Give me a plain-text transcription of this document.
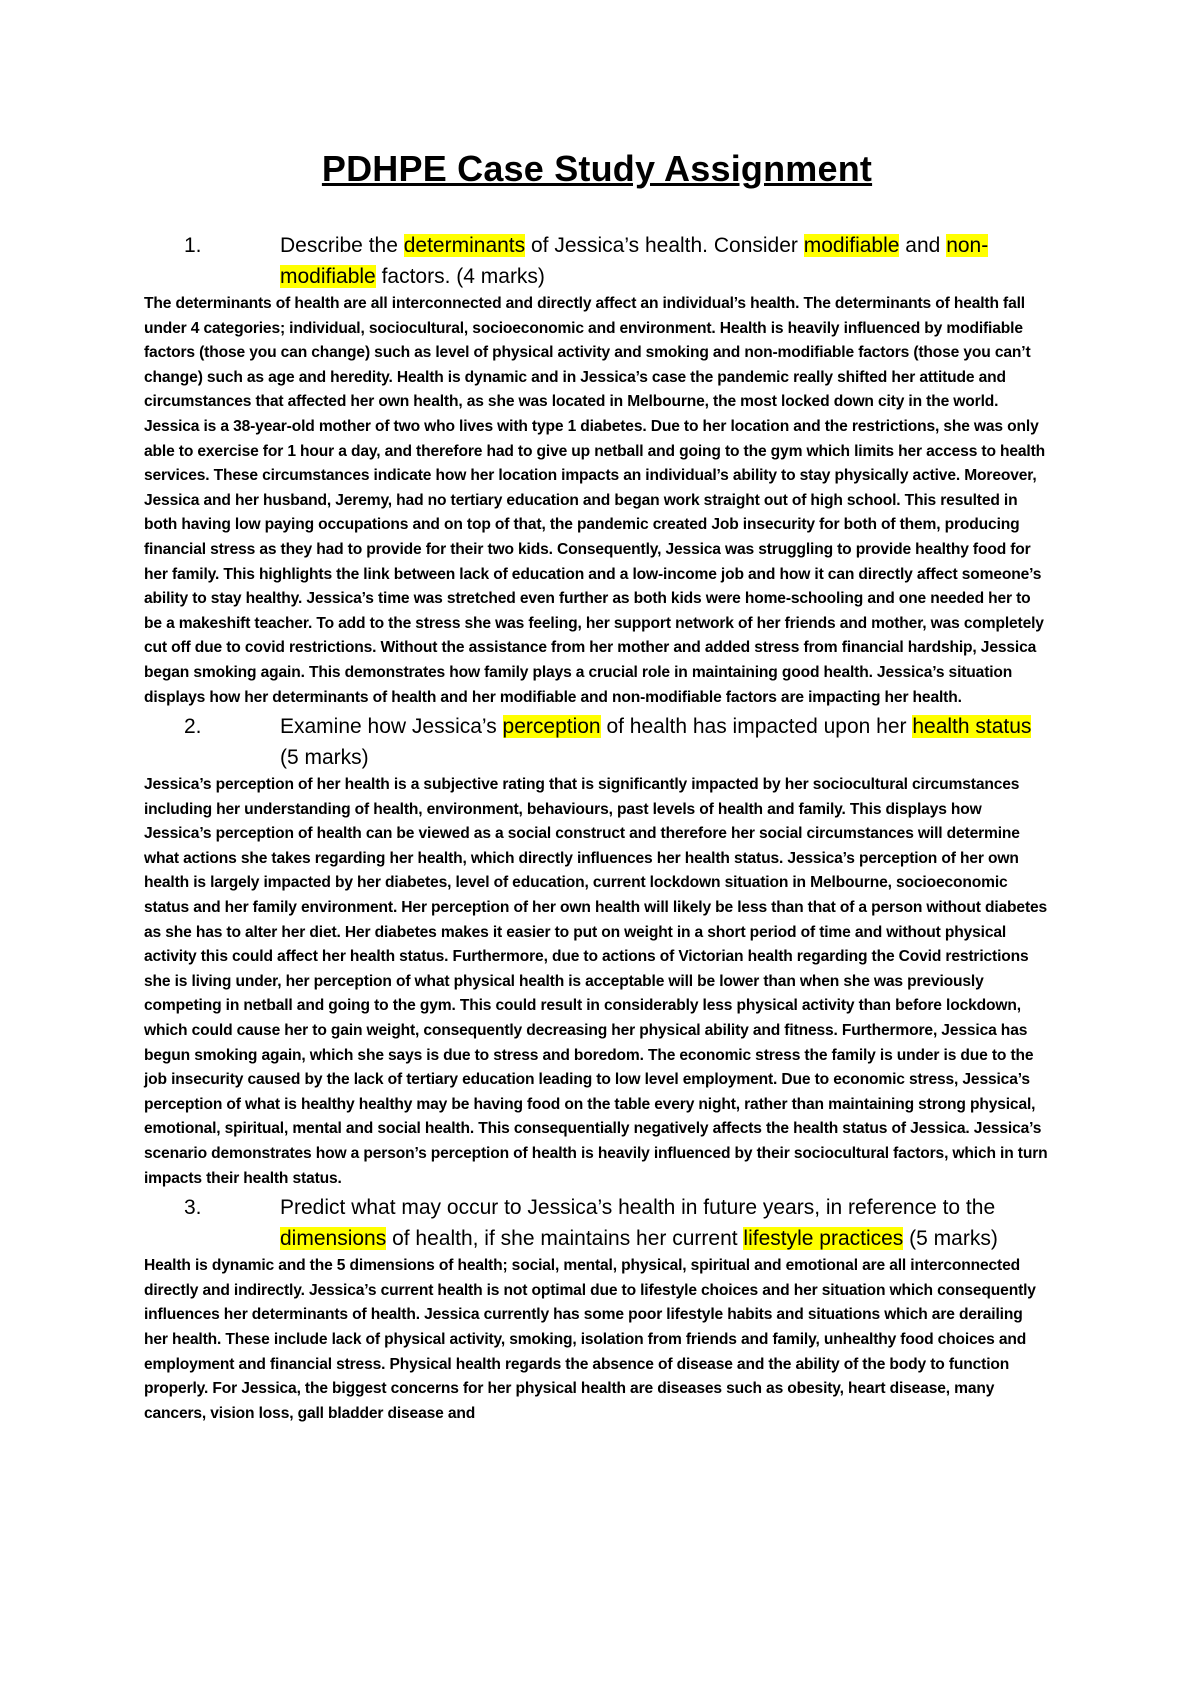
PDHPE Case Study Assignment
1.	Describe the determinants of Jessica’s health. Consider modifiable and non-modifiable factors. (4 marks)

The determinants of health are all interconnected and directly affect an individual’s health. The determinants of health fall under 4 categories; individual, sociocultural, socioeconomic and environment. Health is heavily influenced by modifiable factors (those you can change) such as level of physical activity and smoking and non-modifiable factors (those you can’t change) such as age and heredity. Health is dynamic and in Jessica’s case the pandemic really shifted her attitude and circumstances that affected her own health, as she was located in Melbourne, the most locked down city in the world. Jessica is a 38-year-old mother of two who lives with type 1 diabetes. Due to her location and the restrictions, she was only able to exercise for 1 hour a day, and therefore had to give up netball and going to the gym which limits her access to health services. These circumstances indicate how her location impacts an individual’s ability to stay physically active. Moreover, Jessica and her husband, Jeremy, had no tertiary education and began work straight out of high school. This resulted in both having low paying occupations and on top of that, the pandemic created Job insecurity for both of them, producing financial stress as they had to provide for their two kids. Consequently, Jessica was struggling to provide healthy food for her family. This highlights the link between lack of education and a low-income job and how it can directly affect someone’s ability to stay healthy. Jessica’s time was stretched even further as both kids were home-schooling and one needed her to be a makeshift teacher. To add to the stress she was feeling, her support network of her friends and mother, was completely cut off due to covid restrictions. Without the assistance from her mother and added stress from financial hardship, Jessica began smoking again. This demonstrates how family plays a crucial role in maintaining good health. Jessica’s situation displays how her determinants of health and her modifiable and non-modifiable factors are impacting her health.

2.	Examine how Jessica’s perception of health has impacted upon her health status (5 marks)

Jessica’s perception of her health is a subjective rating that is significantly impacted by her sociocultural circumstances including her understanding of health, environment, behaviours, past levels of health and family. This displays how Jessica’s perception of health can be viewed as a social construct and therefore her social circumstances will determine what actions she takes regarding her health, which directly influences her health status. Jessica’s perception of her own health is largely impacted by her diabetes, level of education, current lockdown situation in Melbourne, socioeconomic status and her family environment. Her perception of her own health will likely be less than that of a person without diabetes as she has to alter her diet. Her diabetes makes it easier to put on weight in a short period of time and without physical activity this could affect her health status. Furthermore, due to actions of Victorian health regarding the Covid restrictions she is living under, her perception of what physical health is acceptable will be lower than when she was previously competing in netball and going to the gym. This could result in considerably less physical activity than before lockdown, which could cause her to gain weight, consequently decreasing her physical ability and fitness. Furthermore, Jessica has begun smoking again, which she says is due to stress and boredom. The economic stress the family is under is due to the job insecurity caused by the lack of tertiary education leading to low level employment. Due to economic stress, Jessica’s perception of what is healthy healthy may be having food on the table every night, rather than maintaining strong physical, emotional, spiritual, mental and social health. This consequentially negatively affects the health status of Jessica. Jessica’s scenario demonstrates how a person’s perception of health is heavily influenced by their sociocultural factors, which in turn impacts their health status.

3.	Predict what may occur to Jessica’s health in future years, in reference to the dimensions of health, if she maintains her current lifestyle practices (5 marks)

Health is dynamic and the 5 dimensions of health; social, mental, physical, spiritual and emotional are all interconnected directly and indirectly. Jessica’s current health is not optimal due to lifestyle choices and her situation which consequently influences her determinants of health. Jessica currently has some poor lifestyle habits and situations which are derailing her health. These include lack of physical activity, smoking, isolation from friends and family, unhealthy food choices and employment and financial stress. Physical health regards the absence of disease and the ability of the body to function properly. For Jessica, the biggest concerns for her physical health are diseases such as obesity, heart disease, many cancers, vision loss, gall bladder disease and
